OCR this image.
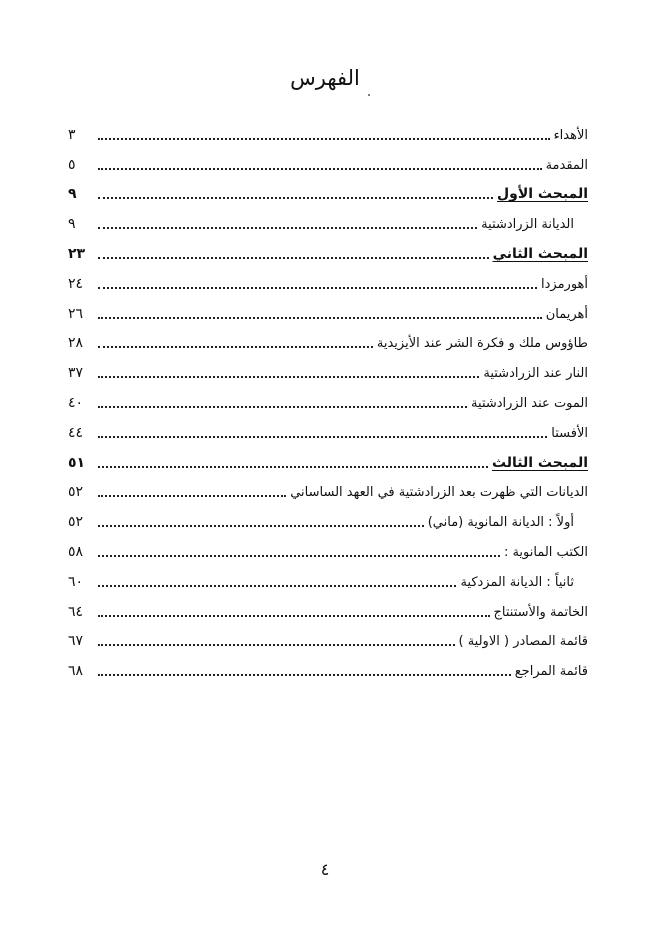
الفهرس
الأهداء
٣
المقدمة
٥
المبحث الأول
٩
الديانة الزرادشتية
٩
المبحث الثاني
٢٣
أهورمزدا
٢٤
أهريمان
٢٦
طاؤوس ملك و فكرة الشر عند الأيزيدية
٢٨
النار عند الزرادشتية
٣٧
الموت عند الزرادشتية
٤٠
الأفستا
٤٤
المبحث الثالث
٥١
الديانات التي ظهرت بعد الزرادشتية في العهد الساساني
٥٢
أولاً : الديانة المانوية (ماني)
٥٢
الكتب المانوية :
٥٨
ثانياً : الديانة المزدكية
٦٠
الخاتمة والأستنتاج
٦٤
قائمة المصادر ( الاولية )
٦٧
قائمة المراجع
٦٨
٤
